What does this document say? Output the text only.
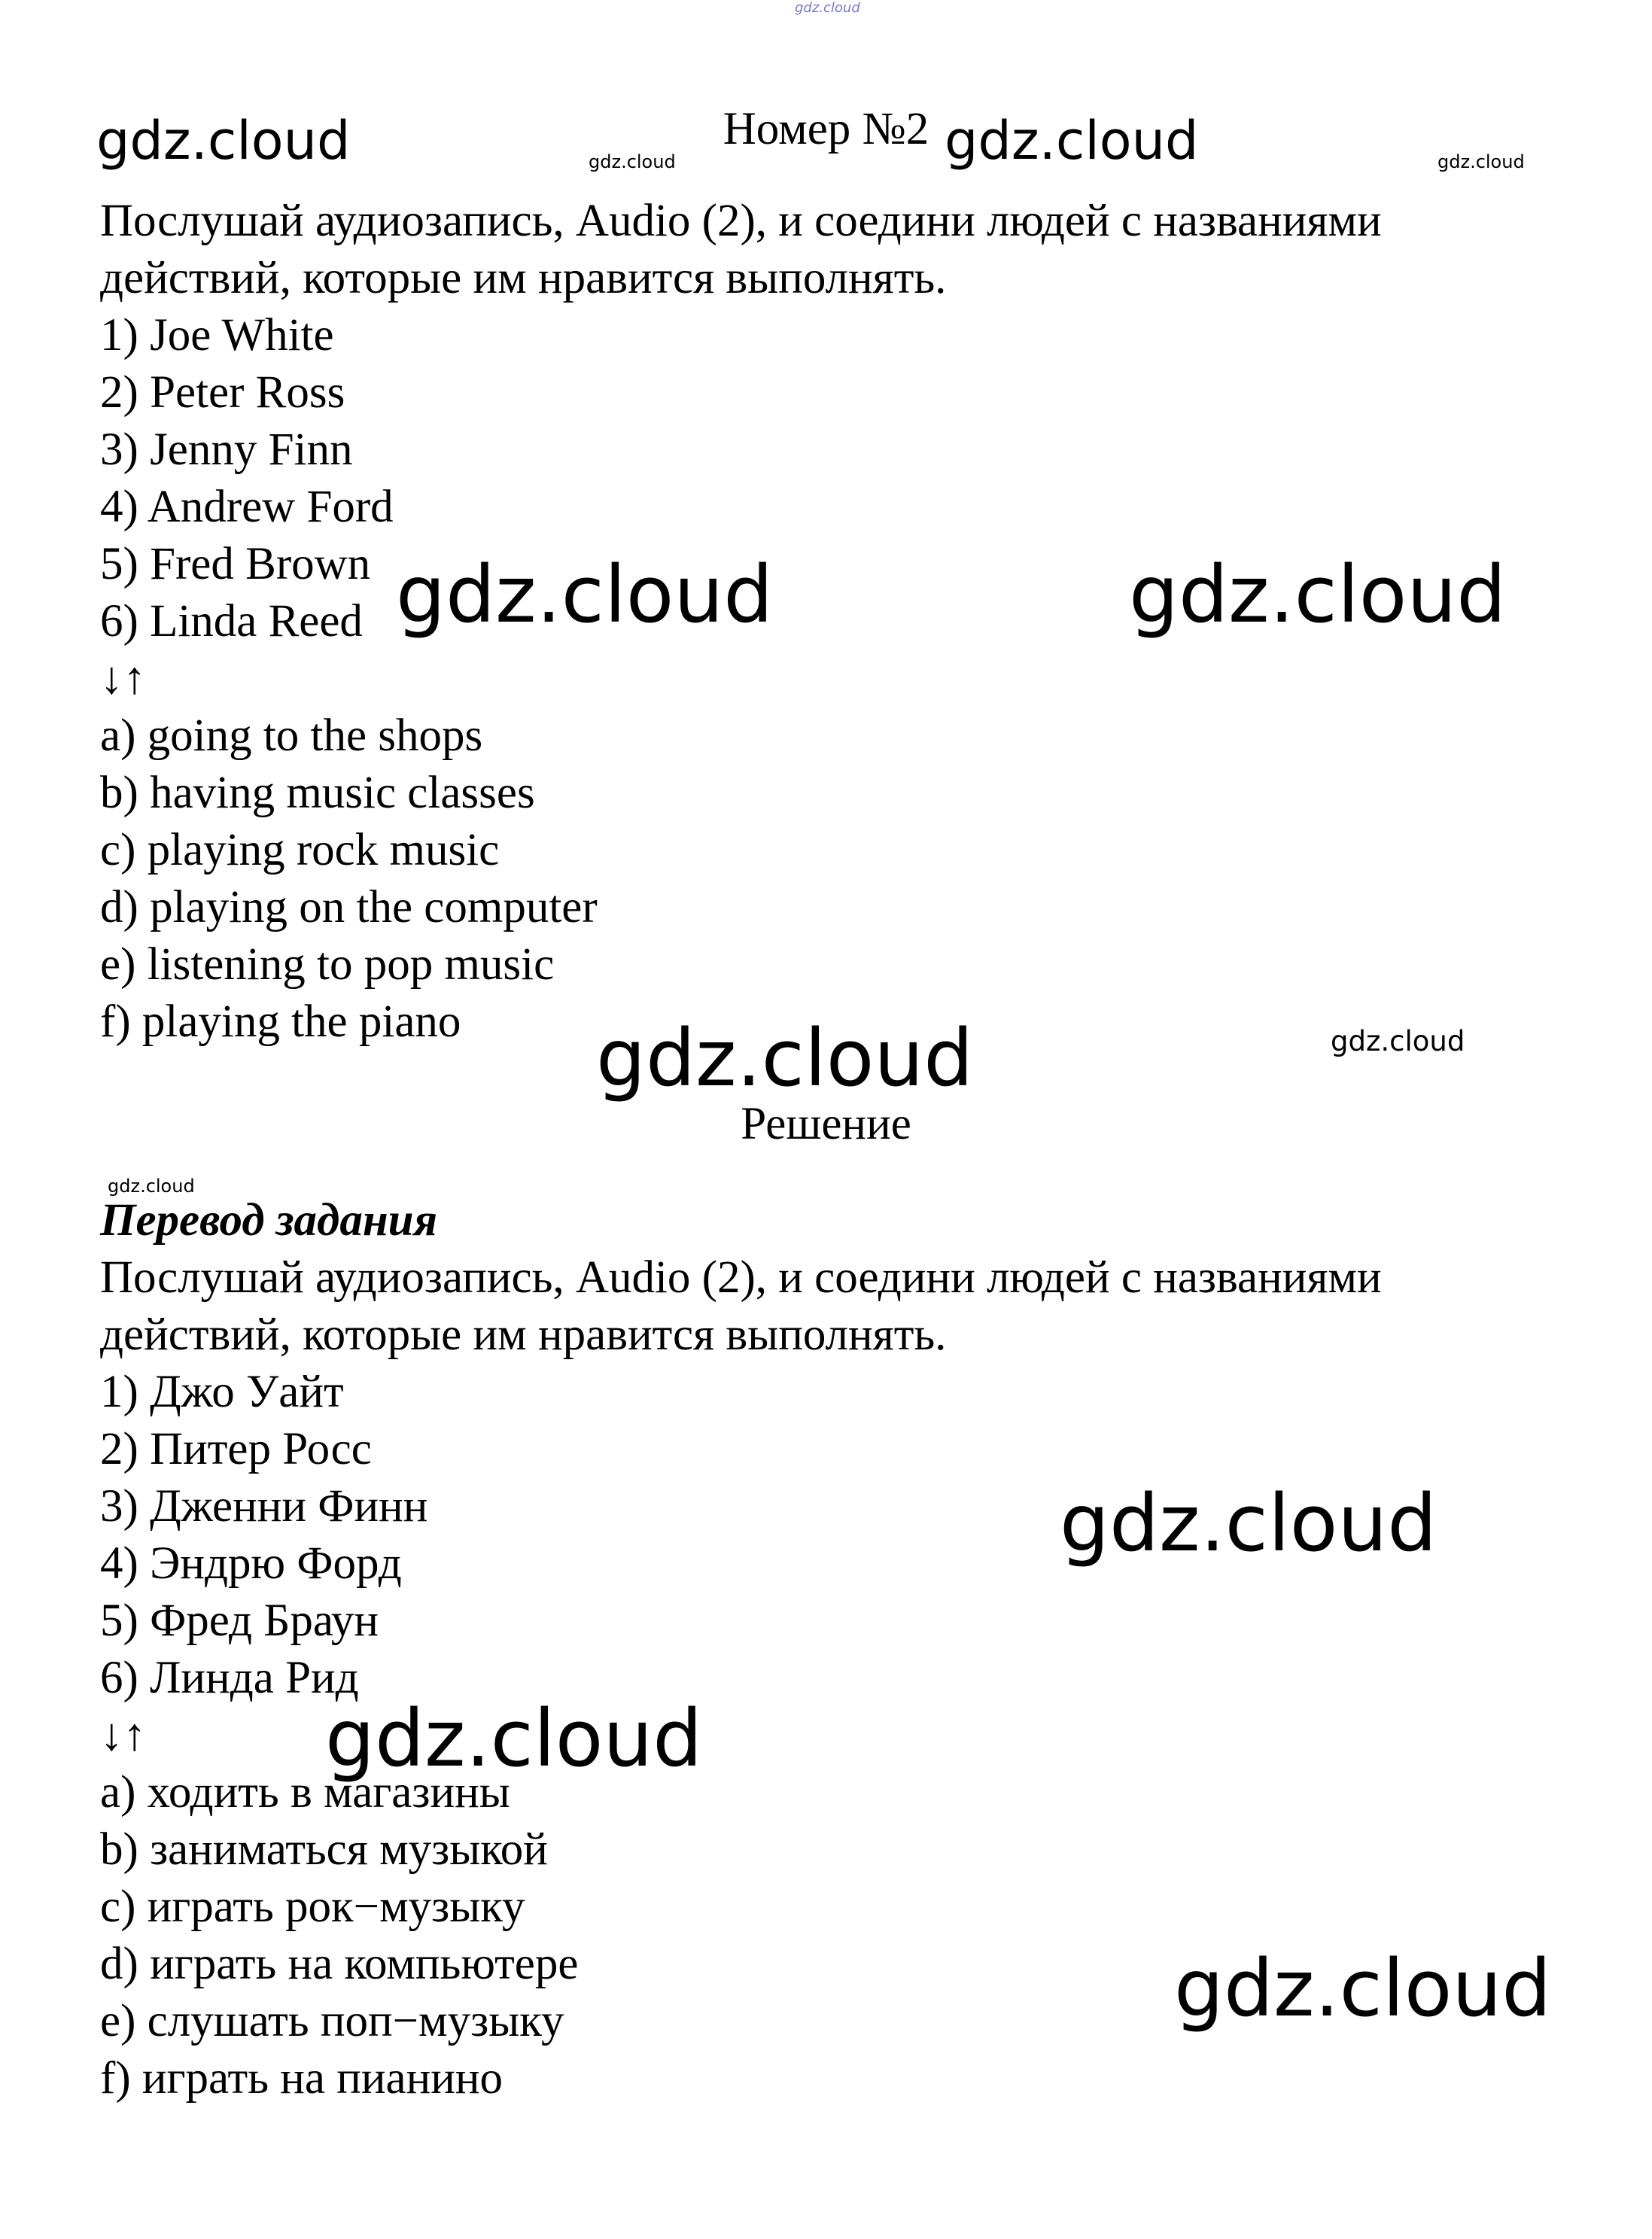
Номер №2

Послушай аудиозапись, Audio (2), и соедини людей с названиями

действий, которые им нравится выполнять.

1) Joe White

2) Peter Ross

3) Jenny Finn

4) Andrew Ford

5) Fred Brown

6) Linda Reed

↓↑

a) going to the shops

b) having music classes

c) playing rock music

d) playing on the computer

e) listening to pop music

f) playing the piano

Решение

Перевод задания

Послушай аудиозапись, Audio (2), и соедини людей с названиями

действий, которые им нравится выполнять.

1) Джо Уайт

2) Питер Росс

3) Дженни Финн

4) Эндрю Форд

5) Фред Браун

6) Линда Рид

↓↑

a) ходить в магазины

b) заниматься музыкой

c) играть рок−музыку

d) играть на компьютере

e) слушать поп−музыку

f) играть на пианино

gdz.cloud
gdz.cloud	gdz.cloud	gdz.cloud	gdz.cloud
gdz.cloud	gdz.cloud
gdz.cloud	gdz.cloud
gdz.cloud
gdz.cloud
gdz.cloud
gdz.cloud
